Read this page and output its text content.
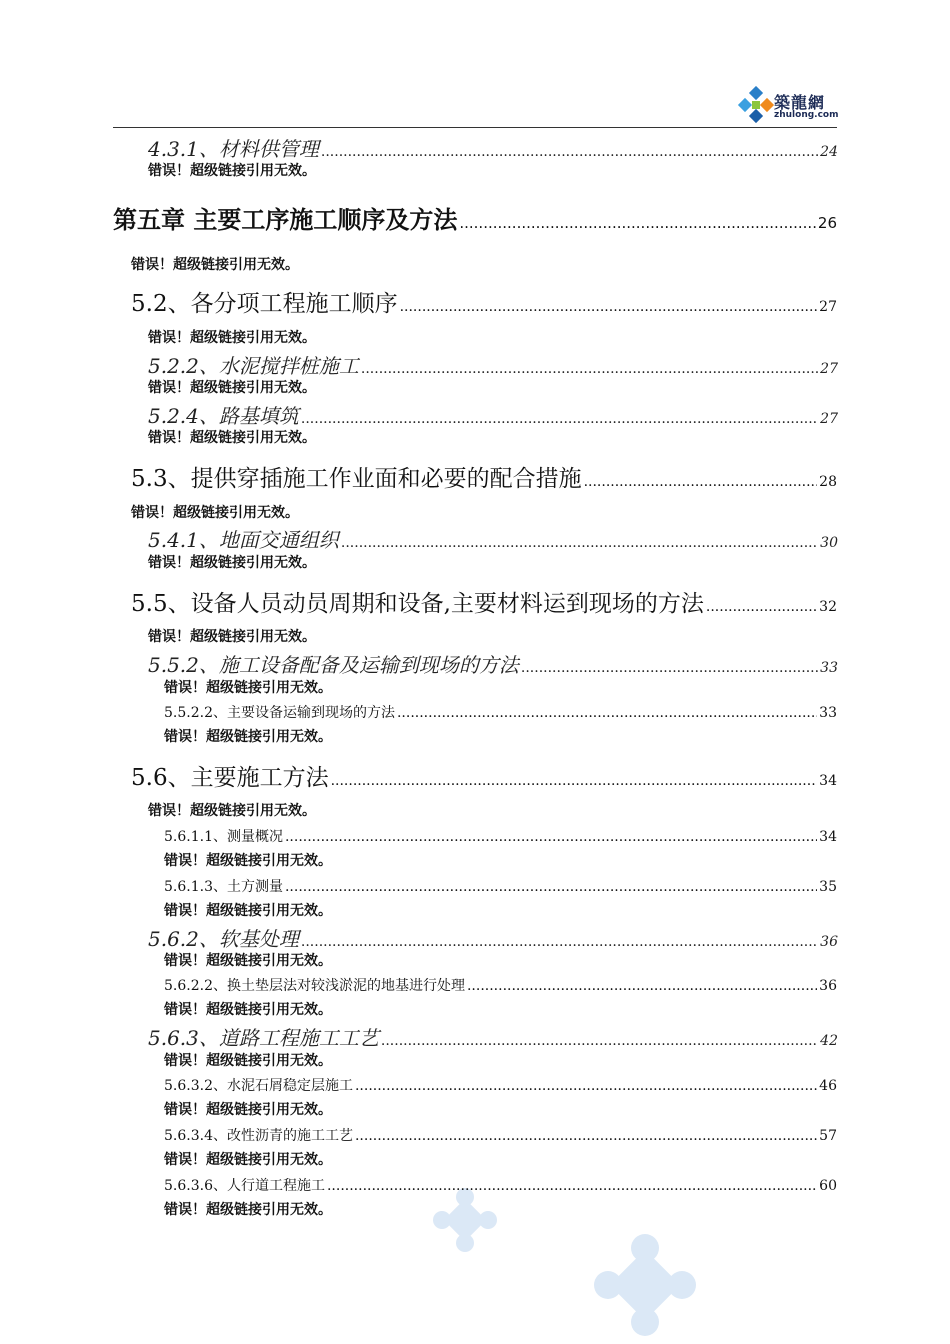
築龍網
zhulong.com
4.3.1、材料供管理 .....	24
错误！超级链接引用无效。
第五章 主要工序施工顺序及方法 .....	26
错误！超级链接引用无效。
5.2、各分项工程施工顺序 .....	27
错误！超级链接引用无效。
5.2.2、水泥搅拌桩施工 .....	27
错误！超级链接引用无效。
5.2.4、路基填筑 .....	27
错误！超级链接引用无效。
5.3、提供穿插施工作业面和必要的配合措施 .....	28
错误！超级链接引用无效。
5.4.1、地面交通组织 .....	30
错误！超级链接引用无效。
5.5、设备人员动员周期和设备,主要材料运到现场的方法 .....	32
错误！超级链接引用无效。
5.5.2、施工设备配备及运输到现场的方法 .....	33
错误！超级链接引用无效。
5.5.2.2、主要设备运输到现场的方法 .....	33
错误！超级链接引用无效。
5.6、主要施工方法 .....	34
错误！超级链接引用无效。
5.6.1.1、测量概况 .....	34
错误！超级链接引用无效。
5.6.1.3、土方测量 .....	35
错误！超级链接引用无效。
5.6.2、软基处理 .....	36
错误！超级链接引用无效。
5.6.2.2、换土垫层法对较浅淤泥的地基进行处理 .....	36
错误！超级链接引用无效。
5.6.3、道路工程施工工艺 .....	42
错误！超级链接引用无效。
5.6.3.2、水泥石屑稳定层施工 .....	46
错误！超级链接引用无效。
5.6.3.4、改性沥青的施工工艺 .....	57
错误！超级链接引用无效。
5.6.3.6、人行道工程施工 .....	60
错误！超级链接引用无效。
